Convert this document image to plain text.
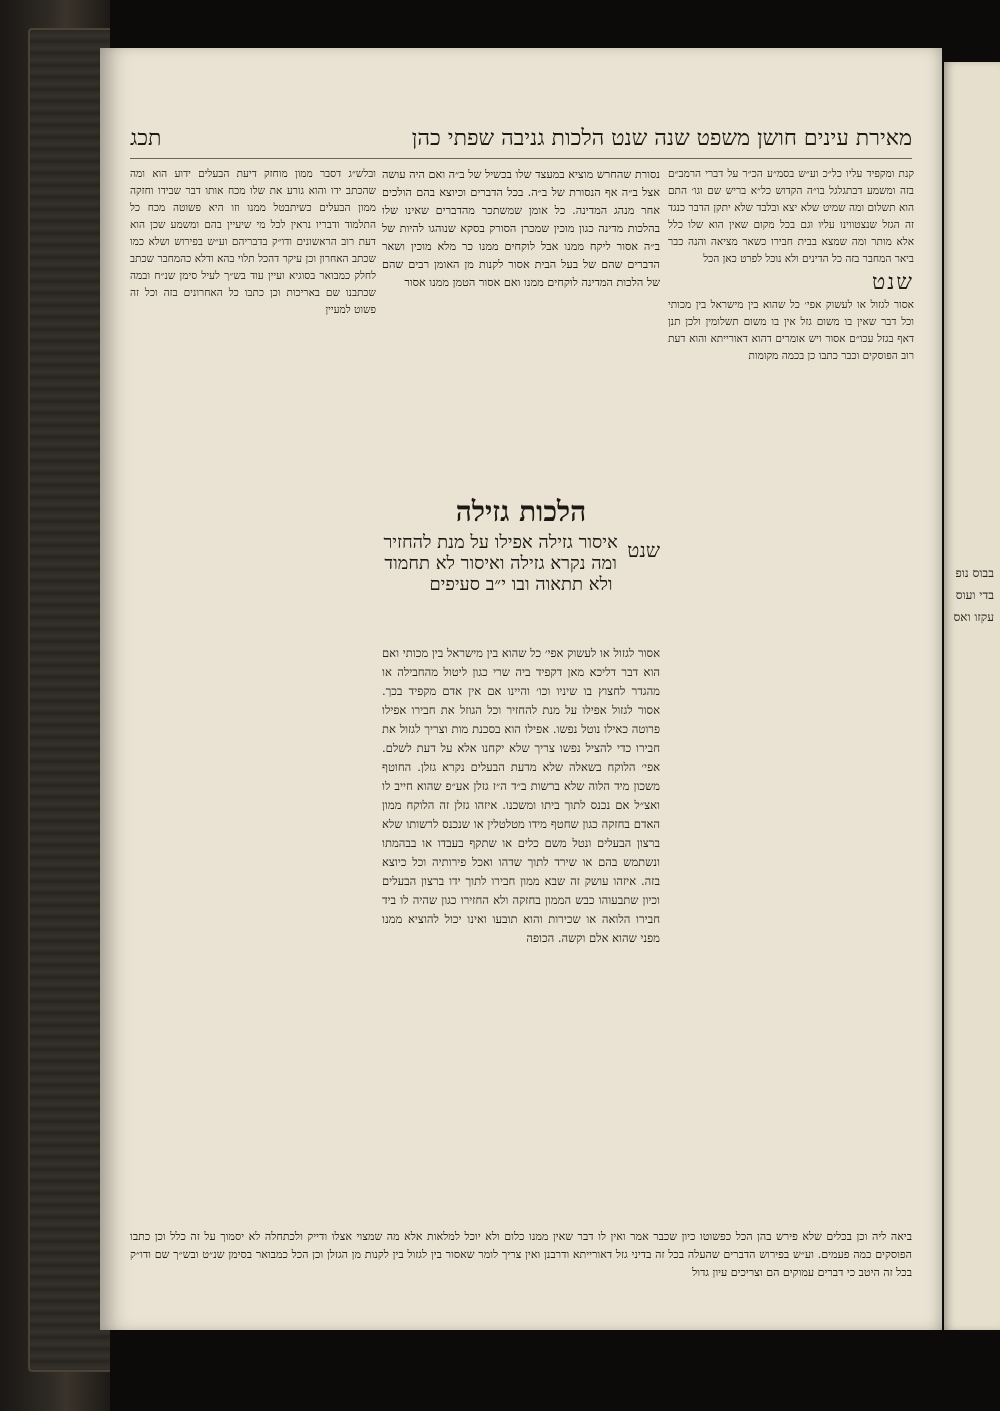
מאירת עינים חושן משפט שנה שנט הלכות גניבה שפתי כהן
תכג
קנת ומקפיד עליו כל״כ וע״ש בסמ״ע הכ״ר על דברי הרמב״ם בזה ומשמע דבתגלגל בו״ה הקדוש כל״א בריש שם וגו׳ התם הוא תשלום ומה שמיט שלא יצא ובלבד שלא יתקן הדבר כנגד זה הגזל שנצטווינו עליו וגם בכל מקום שאין הוא שלו כלל אלא מותר ומה שמצא בבית חבירו כשאר מציאה והנה כבר ביאר המחבר בזה כל הדינים ולא נוכל לפרט כאן הכל
שנט
אסור לגזול או לעשוק אפי׳ כל שהוא בין מישראל בין מכותי וכל דבר שאין בו משום גזל אין בו משום תשלומין ולכן תנן דאף בגזל עכו״ם אסור ויש אומרים דהוא דאורייתא והוא דעת רוב הפוסקים וכבר כתבו כן בכמה מקומות
נסורת שהחרש מוציא במעצד שלו בכשיל של ב״ה ואם היה עושה אצל ב״ה אף הנסורת של ב״ה. בכל הדברים וכיוצא בהם הולכים אחר מנהג המדינה. כל אומן שמשתכר מהדברים שאינו שלו בהלכות מדינה כגון מוכין שמכרן הסורק בסקא שנוהגו להיות של ב״ה אסור ליקח ממנו אבל לוקחים ממנו כר מלא מוכין ושאר הדברים שהם של בעל הבית אסור לקנות מן האומן רבים שהם של הלכות המדינה לוקחים ממנו ואם אסור הטמן ממנו אסור
הלכות גזילה
שנט
איסור גזילה אפילו על מנת להחזיר ומה נקרא גזילה ואיסור לא תחמוד ולא תתאוה ובו י״ב סעיפים
אסור לגזול או לעשוק אפי׳ כל שהוא בין מישראל בין מכותי ואם הוא דבר דליכא מאן דקפיד ביה שרי כגון ליטול מהחבילה או מהגדר לחצוץ בו שיניו וכו׳ והיינו אם אין אדם מקפיד בכך. אסור לגזול אפילו על מנת להחזיר וכל הגוזל את חבירו אפילו פרוטה כאילו נוטל נפשו. אפילו הוא בסכנת מות וצריך לגזול את חבירו כדי להציל נפשו צריך שלא יקחנו אלא על דעת לשלם. אפי׳ הלוקח בשאלה שלא מדעת הבעלים נקרא גזלן. החוטף משכון מיד הלוה שלא ברשות ב״ד ה״ז גזלן אע״פ שהוא חייב לו ואצ״ל אם נכנס לתוך ביתו ומשכנו. איזהו גזלן זה הלוקח ממון האדם בחזקה כגון שחטף מידו מטלטלין או שנכנס לרשותו שלא ברצון הבעלים ונטל משם כלים או שתקף בעבדו או בבהמתו ונשתמש בהם או שירד לתוך שדהו ואכל פירותיה וכל כיוצא בזה. איזהו עושק זה שבא ממון חבירו לתוך ידו ברצון הבעלים וכיון שתבעוהו כבש הממון בחזקה ולא החזירו כגון שהיה לו ביד חבירו הלואה או שכירות והוא תובעו ואינו יכול להוציא ממנו מפני שהוא אלם וקשה. הכופה
ובלש״ג דסבר ממון מוחזק דיעת הבעלים ידוע הוא ומה שהכתב ידו והוא גורע את שלו מכח אותו דבר שבידו וחזקה ממון הבעלים כשיתבטל ממנו וזו היא פשוטה מכח כל התלמוד ודבריו נראין לכל מי שיעיין בהם ומשמע שכן הוא דעת רוב הראשונים ודו״ק בדבריהם וע״ש בפירוש ושלא כמו שכתב האחרון וכן עיקר דהכל תלוי בהא ודלא כהמחבר שכתב לחלק כמבואר בסוגיא ועיין עוד בש״ך לעיל סימן שנ״ח ובמה שכתבנו שם באריכות וכן כתבו כל האחרונים בזה וכל זה פשוט למעיין
ביאה ליה וכן בכלים שלא פירש בהן הכל כפשוטו כיון שכבר אמר ואין לו דבר שאין ממנו כלום ולא יוכל למלאות אלא מה שמצוי אצלו ודייק ולכתחלה לא יסמוך על זה כלל וכן כתבו הפוסקים כמה פעמים. וע״ש בפירוש הדברים שהעלה בכל זה בדיני גזל דאורייתא ודרבנן ואין צריך לומר שאסור בין לגזול בין לקנות מן הגזלן וכן הכל כמבואר בסימן שנ״ט ובש״ך שם ודו״ק בכל זה היטב כי דברים עמוקים הם וצריכים עיון גדול
בבוס נופ בדי ועוס עקזו ואס
